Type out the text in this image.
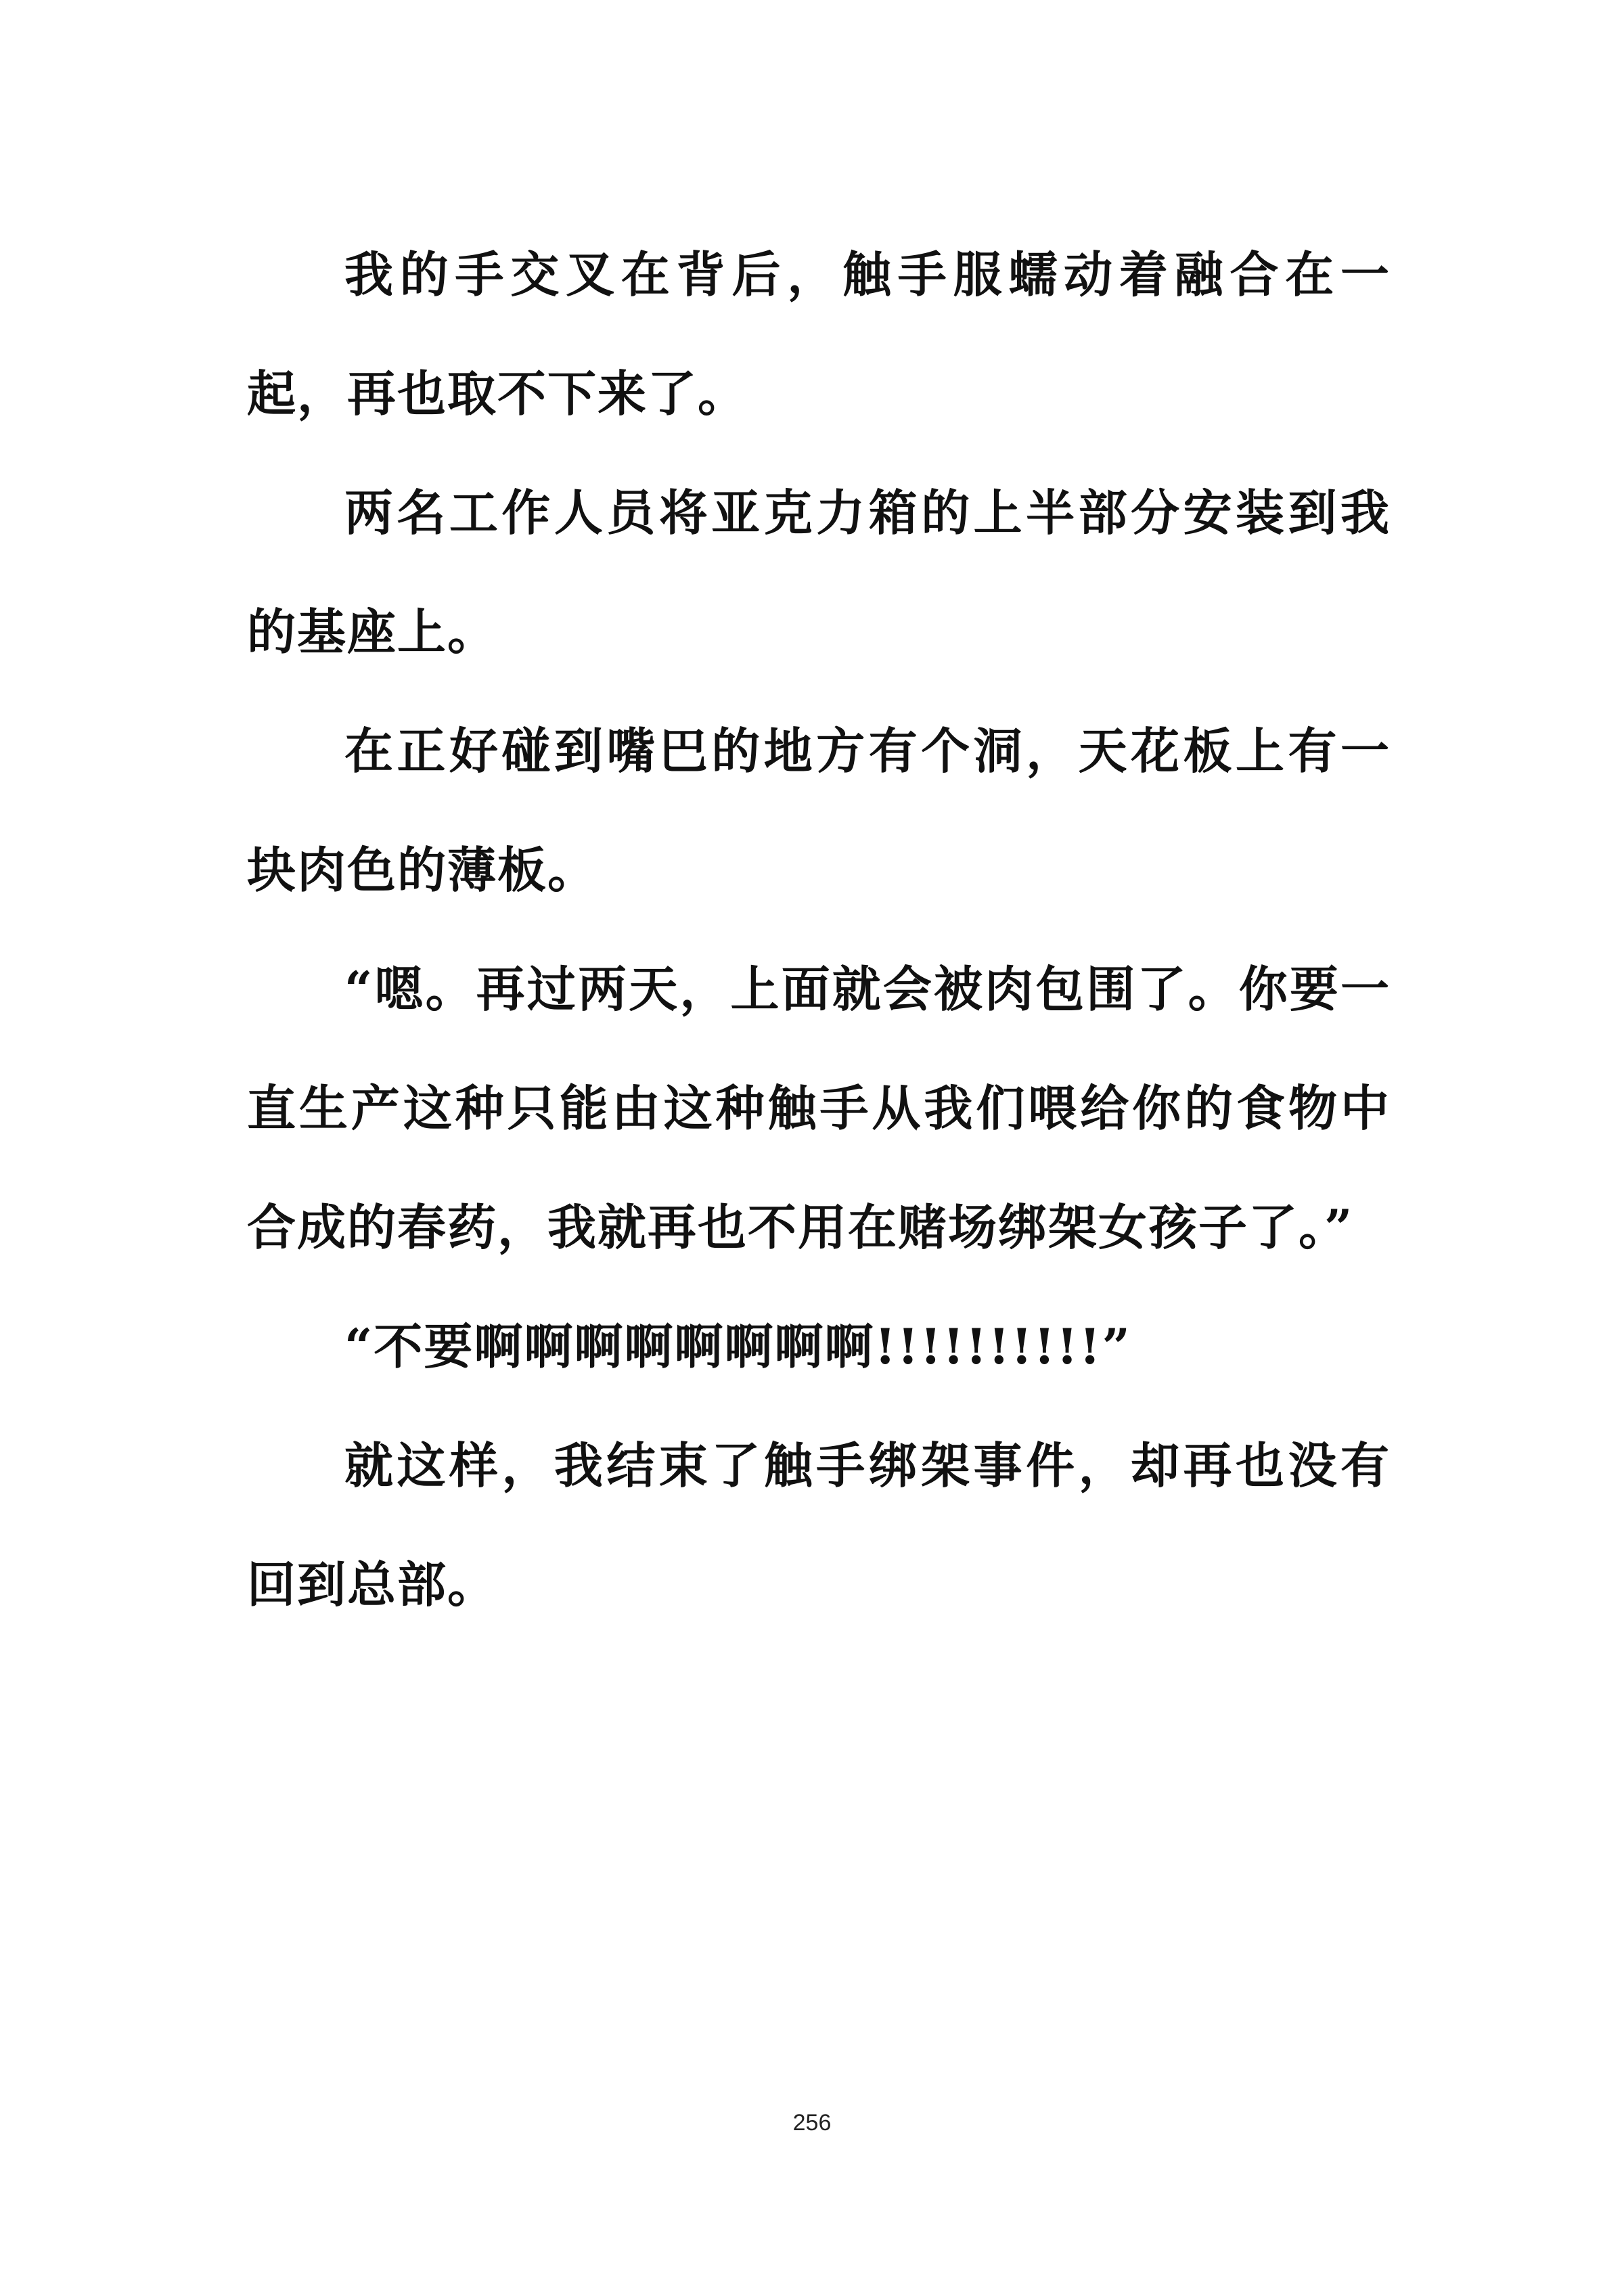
我的手交叉在背后，触手服蠕动着融合在一起，再也取不下来了。

两名工作人员将亚克力箱的上半部分安装到我的基座上。

在正好碰到嘴巴的地方有个洞，天花板上有一块肉色的薄板。

“嗯。再过两天，上面就会被肉包围了。你要一直生产这种只能由这种触手从我们喂给你的食物中合成的春药，我就再也不用在赌场绑架女孩子了。”

“不要啊啊啊啊啊啊啊啊!!!!!!!!!!”

就这样，我结束了触手绑架事件，却再也没有回到总部。

256
